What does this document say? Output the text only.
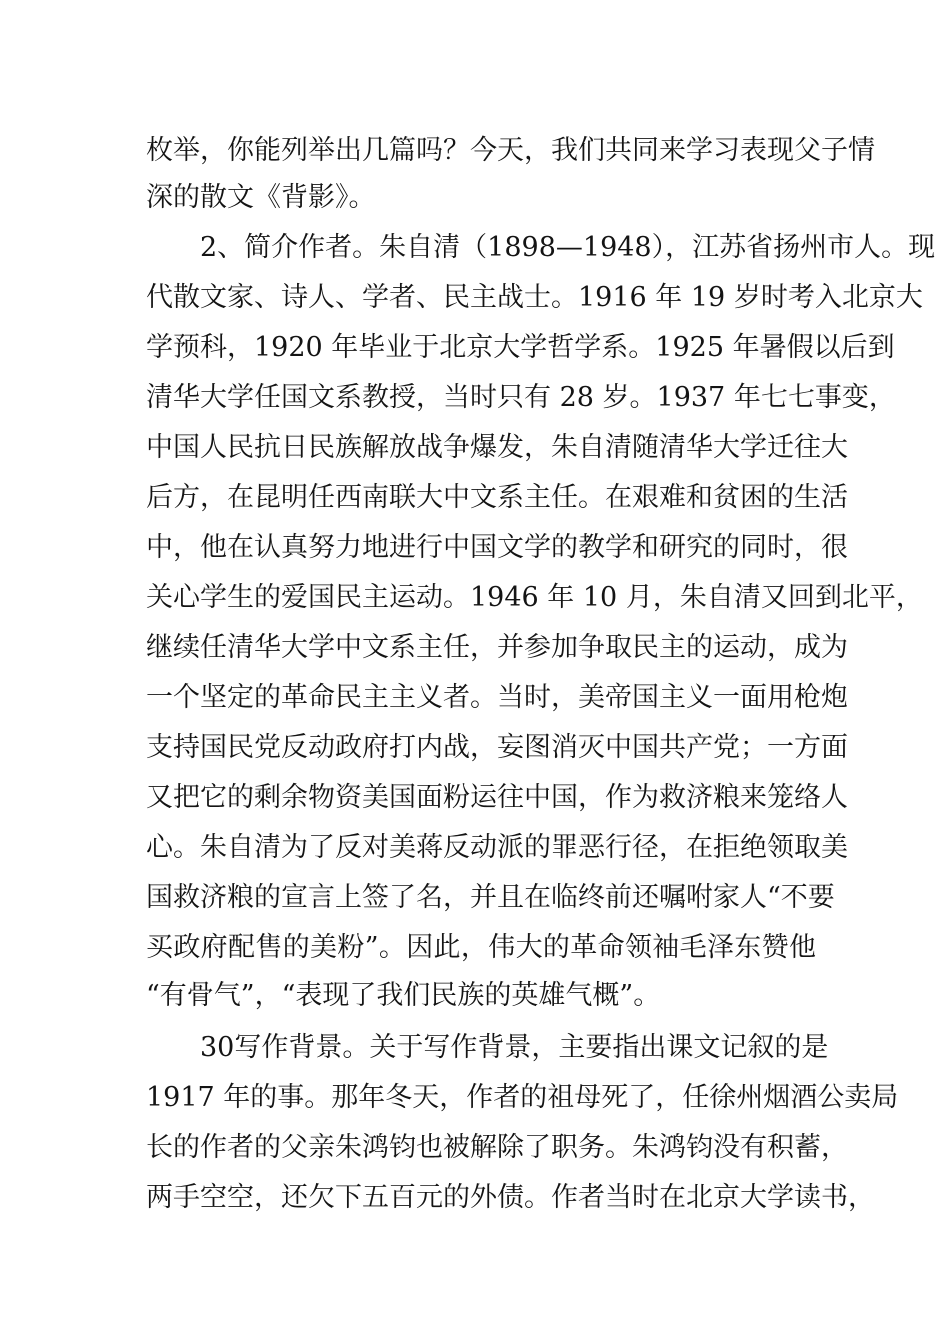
枚举，你能列举出几篇吗？今天，我们共同来学习表现父子情
深的散文《背影》。
2、简介作者。朱自清（1898—1948），江苏省扬州市人。现
代散文家、诗人、学者、民主战士。1916 年 19 岁时考入北京大
学预科，1920 年毕业于北京大学哲学系。1925 年暑假以后到
清华大学任国文系教授，当时只有 28 岁。1937 年七七事变，
中国人民抗日民族解放战争爆发，朱自清随清华大学迁往大
后方，在昆明任西南联大中文系主任。在艰难和贫困的生活
中，他在认真努力地进行中国文学的教学和研究的同时，很
关心学生的爱国民主运动。1946 年 10 月，朱自清又回到北平，
继续任清华大学中文系主任，并参加争取民主的运动，成为
一个坚定的革命民主主义者。当时，美帝国主义一面用枪炮
支持国民党反动政府打内战，妄图消灭中国共产党；一方面
又把它的剩余物资美国面粉运往中国，作为救济粮来笼络人
心。朱自清为了反对美蒋反动派的罪恶行径，在拒绝领取美
国救济粮的宣言上签了名，并且在临终前还嘱咐家人“不要
买政府配售的美粉”。因此，伟大的革命领袖毛泽东赞他
“有骨气”，“表现了我们民族的英雄气概”。
30写作背景。关于写作背景，主要指出课文记叙的是
1917 年的事。那年冬天，作者的祖母死了，任徐州烟酒公卖局
长的作者的父亲朱鸿钧也被解除了职务。朱鸿钧没有积蓄，
两手空空，还欠下五百元的外债。作者当时在北京大学读书，
